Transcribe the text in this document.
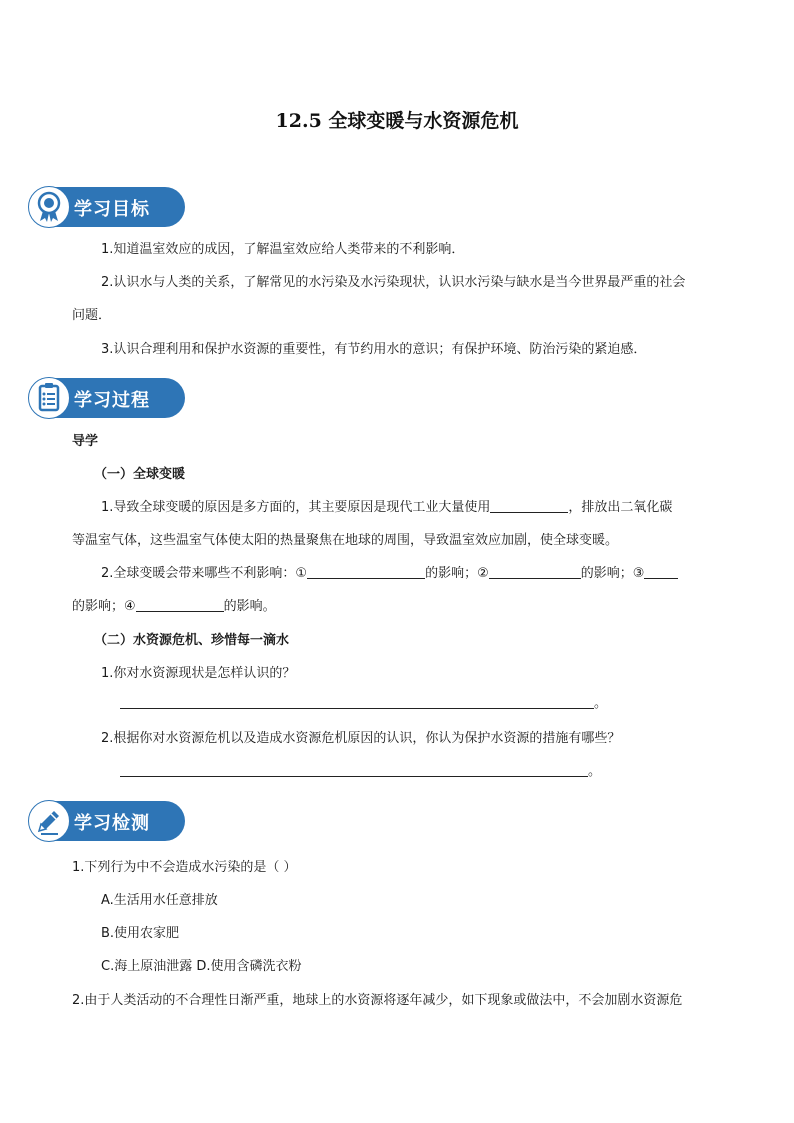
12.5 全球变暖与水资源危机
学习目标
1.知道温室效应的成因，了解温室效应给人类带来的不利影响．
2.认识水与人类的关系，了解常见的水污染及水污染现状，认识水污染与缺水是当今世界最严重的社会
问题．
3.认识合理利用和保护水资源的重要性，有节约用水的意识；有保护环境、防治污染的紧迫感．
学习过程
导学
（一）全球变暖
1.导致全球变暖的原因是多方面的，其主要原因是现代工业大量使用	，排放出二氧化碳
等温室气体，这些温室气体使太阳的热量聚焦在地球的周围，导致温室效应加剧，使全球变暖。
2.全球变暖会带来哪些不利影响：①	的影响；②	的影响；③
的影响；④	的影响。
（二）水资源危机、珍惜每一滴水
1.你对水资源现状是怎样认识的？
。
2.根据你对水资源危机以及造成水资源危机原因的认识，你认为保护水资源的措施有哪些？
。
学习检测
1.下列行为中不会造成水污染的是（ ）
A.生活用水任意排放
B.使用农家肥
C.海上原油泄露 D.使用含磷洗衣粉
2.由于人类活动的不合理性日渐严重，地球上的水资源将逐年减少，如下现象或做法中，不会加剧水资源危
